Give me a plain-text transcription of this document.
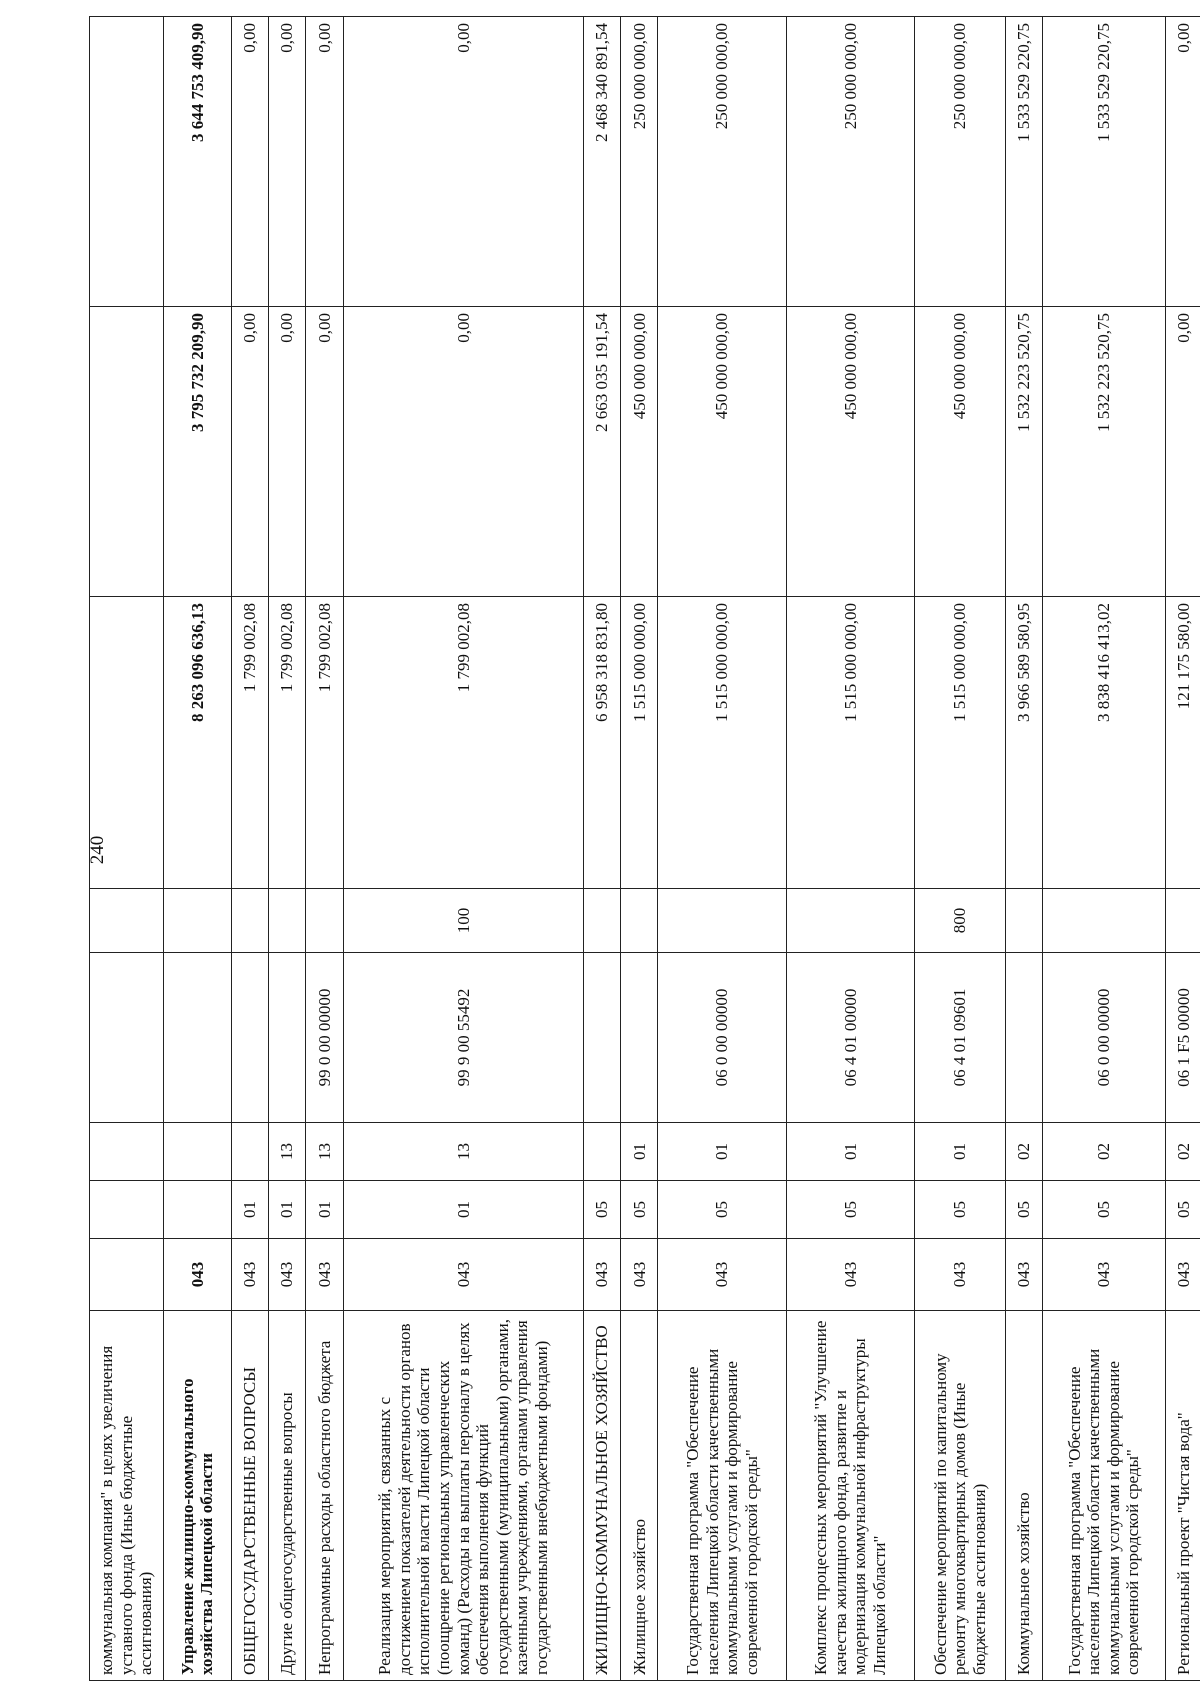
240
коммунальная компания" в целях увеличения уставного фонда (Иные бюджетные ассигнования)								
Управление жилищно-коммунального хозяйства Липецкой области	043					8 263 096 636,13	3 795 732 209,90	3 644 753 409,90
ОБЩЕГОСУДАРСТВЕННЫЕ ВОПРОСЫ	043	01				1 799 002,08	0,00	0,00
Другие общегосударственные вопросы	043	01	13			1 799 002,08	0,00	0,00
Непрограммные расходы областного бюджета	043	01	13	99 0 00 00000		1 799 002,08	0,00	0,00
Реализация мероприятий, связанных с достижением показателей деятельности органов исполнительной власти Липецкой области (поощрение региональных управленческих команд) (Расходы на выплаты персоналу в целях обеспечения выполнения функций государственными (муниципальными) органами, казенными учреждениями, органами управления государственными внебюджетными фондами)	043	01	13	99 9 00 55492	100	1 799 002,08	0,00	0,00
ЖИЛИЩНО-КОММУНАЛЬНОЕ ХОЗЯЙСТВО	043	05				6 958 318 831,80	2 663 035 191,54	2 468 340 891,54
Жилищное хозяйство	043	05	01			1 515 000 000,00	450 000 000,00	250 000 000,00
Государственная программа "Обеспечение населения Липецкой области качественными коммунальными услугами и формирование современной городской среды"	043	05	01	06 0 00 00000		1 515 000 000,00	450 000 000,00	250 000 000,00
Комплекс процессных мероприятий "Улучшение качества жилищного фонда, развитие и модернизация коммунальной инфраструктуры Липецкой области"	043	05	01	06 4 01 00000		1 515 000 000,00	450 000 000,00	250 000 000,00
Обеспечение мероприятий по капитальному ремонту многоквартирных домов (Иные бюджетные ассигнования)	043	05	01	06 4 01 09601	800	1 515 000 000,00	450 000 000,00	250 000 000,00
Коммунальное хозяйство	043	05	02			3 966 589 580,95	1 532 223 520,75	1 533 529 220,75
Государственная программа "Обеспечение населения Липецкой области качественными коммунальными услугами и формирование современной городской среды"	043	05	02	06 0 00 00000		3 838 416 413,02	1 532 223 520,75	1 533 529 220,75
Региональный проект "Чистая вода"	043	05	02	06 1 F5 00000		121 175 580,00	0,00	0,00
